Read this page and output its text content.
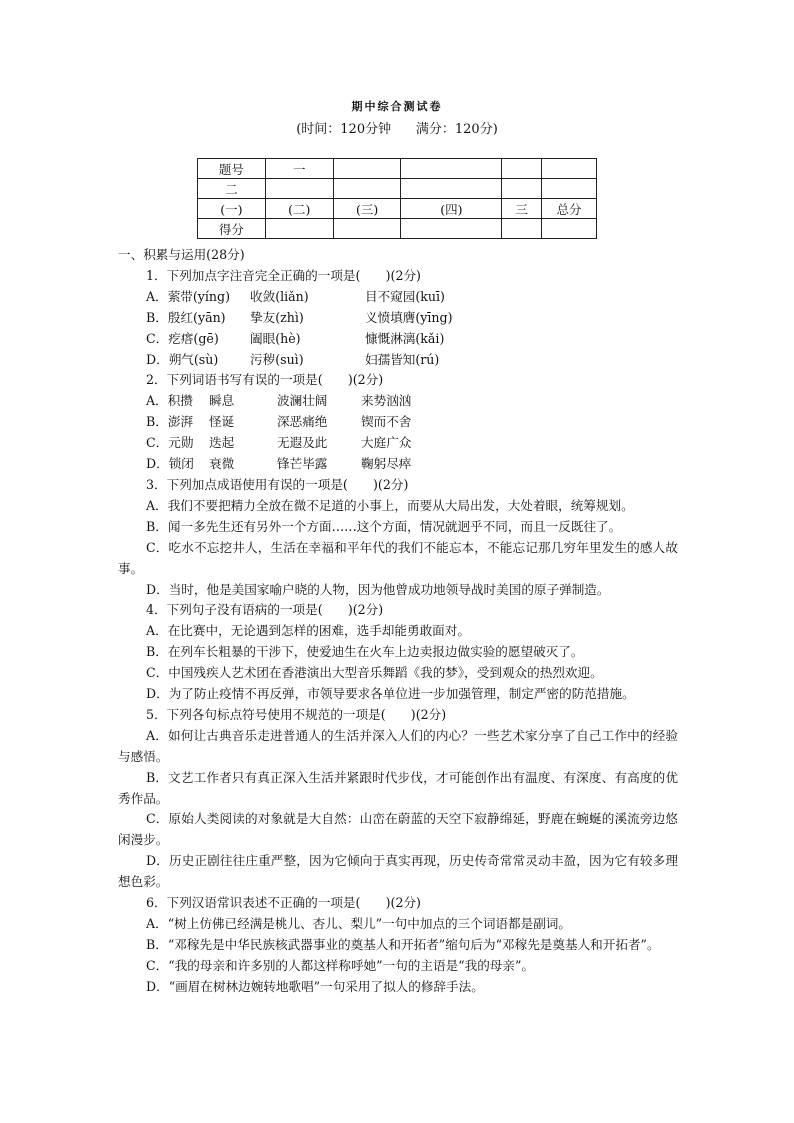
期中综合测试卷
(时间：120分钟      满分：120分)
题号	一				
二					
(一)	(二)	(三)	(四)	三	总分
得分					

一、积累与运用(28分)

1．下列加点字注音完全正确的一项是(　　)(2分)

A．萦带(yíng) 收敛(liǎn)	目不窥园(kuī)

B．殷红(yān) 挚友(zhì)	义愤填膺(yīng)

C．疙瘩(gē) 阖眼(hè)	慷慨淋漓(kǎi)

D．朔气(sù)	污秽(suì)	妇孺皆知(rú)

2．下列词语书写有误的一项是(　　)(2分)

A．积攒 瞬息	波澜壮阔	来势汹汹

B．澎湃 怪诞	深恶痛绝	锲而不舍

C．元勋 迭起	无遐及此	大庭广众

D．锁闭 衰微	锋芒毕露	鞠躬尽瘁

3．下列加点成语使用有误的一项是(　　)(2分)

A．我们不要把精力全放在微不足道的小事上，而要从大局出发，大处着眼，统筹规划。

B．闻一多先生还有另外一个方面……这个方面，情况就迥乎不同，而且一反既往了。

C．吃水不忘挖井人，生活在幸福和平年代的我们不能忘本，不能忘记那几穷年里发生的感人故事。

D．当时，他是美国家喻户晓的人物，因为他曾成功地领导战时美国的原子弹制造。

4．下列句子没有语病的一项是(　　)(2分)

A．在比赛中，无论遇到怎样的困难，选手却能勇敢面对。

B．在列车长粗暴的干涉下，使爱迪生在火车上边卖报边做实验的愿望破灭了。

C．中国残疾人艺术团在香港演出大型音乐舞蹈《我的梦》，受到观众的热烈欢迎。

D．为了防止疫情不再反弹，市领导要求各单位进一步加强管理，制定严密的防范措施。

5．下列各句标点符号使用不规范的一项是(　　)(2分)

A．如何让古典音乐走进普通人的生活并深入人们的内心？一些艺术家分享了自己工作中的经验与感悟。

B．文艺工作者只有真正深入生活并紧跟时代步伐，才可能创作出有温度、有深度、有高度的优秀作品。

C．原始人类阅读的对象就是大自然：山峦在蔚蓝的天空下寂静绵延，野鹿在蜿蜒的溪流旁边悠闲漫步。

D．历史正剧往往庄重严整，因为它倾向于真实再现，历史传奇常常灵动丰盈，因为它有较多理想色彩。

6．下列汉语常识表述不正确的一项是(　　)(2分)

A．“树上仿佛已经满是桃儿、杏儿、梨儿”一句中加点的三个词语都是副词。

B．“邓稼先是中华民族核武器事业的奠基人和开拓者”缩句后为“邓稼先是奠基人和开拓者”。

C．“我的母亲和许多别的人都这样称呼她”一句的主语是“我的母亲”。

D．“画眉在树林边婉转地歌唱”一句采用了拟人的修辞手法。
